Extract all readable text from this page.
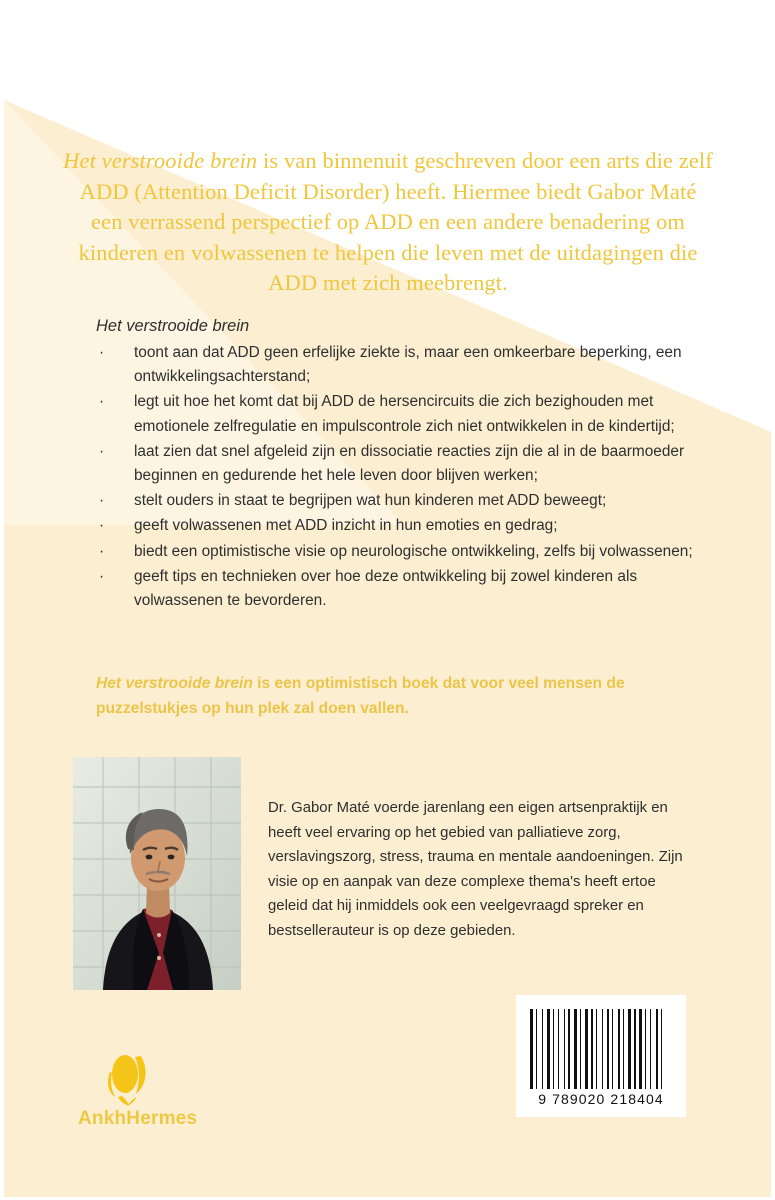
Het verstrooide brein is van binnenuit geschreven door een arts die zelf ADD (Attention Deficit Disorder) heeft. Hiermee biedt Gabor Maté een verrassend perspectief op ADD en een andere benadering om kinderen en volwassenen te helpen die leven met de uitdagingen die ADD met zich meebrengt.
Het verstrooide brein
· toont aan dat ADD geen erfelijke ziekte is, maar een omkeerbare beperking, een ontwikkelingsachterstand;
· legt uit hoe het komt dat bij ADD de hersencircuits die zich bezighouden met emotionele zelfregulatie en impulscontrole zich niet ontwikkelen in de kindertijd;
· laat zien dat snel afgeleid zijn en dissociatie reacties zijn die al in de baarmoeder beginnen en gedurende het hele leven door blijven werken;
· stelt ouders in staat te begrijpen wat hun kinderen met ADD beweegt;
· geeft volwassenen met ADD inzicht in hun emoties en gedrag;
· biedt een optimistische visie op neurologische ontwikkeling, zelfs bij volwassenen;
· geeft tips en technieken over hoe deze ontwikkeling bij zowel kinderen als volwassenen te bevorderen.
Het verstrooide brein is een optimistisch boek dat voor veel mensen de puzzelstukjes op hun plek zal doen vallen.
Dr. Gabor Maté voerde jarenlang een eigen artsenpraktijk en heeft veel ervaring op het gebied van palliatieve zorg, verslavingszorg, stress, trauma en mentale aandoeningen. Zijn visie op en aanpak van deze complexe thema's heeft ertoe geleid dat hij inmiddels ook een veelgevraagd spreker en bestsellerauteur is op deze gebieden.
AnkhHermes
9 789020 218404
